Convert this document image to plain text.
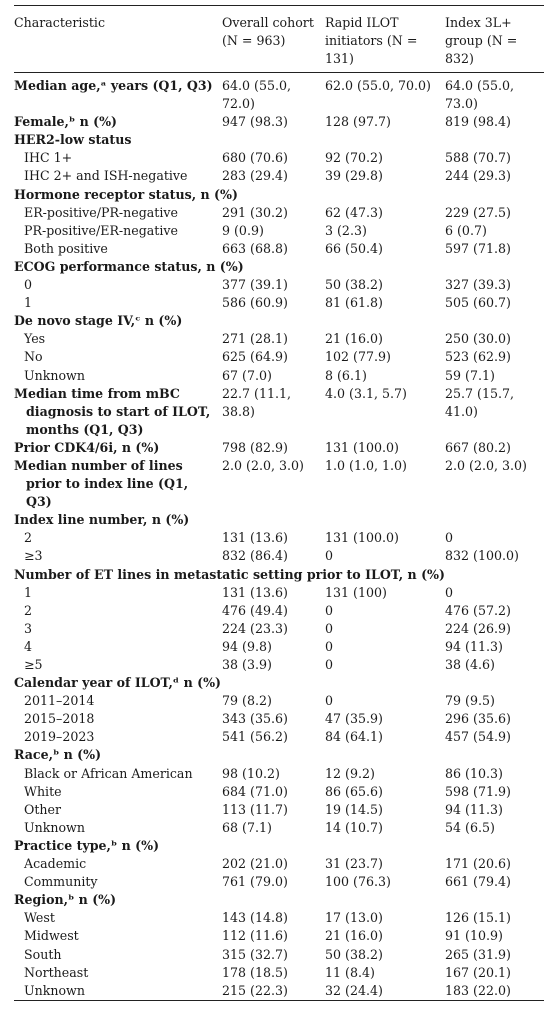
Characteristic	Overall cohort (N = 963)	Rapid ILOT initiators (N = 131)	Index 3L+ group (N = 832)
Median age,ᵃ years (Q1, Q3)	64.0 (55.0, 72.0)	62.0 (55.0, 70.0)	64.0 (55.0, 73.0)
Female,ᵇ n (%)	947 (98.3)	128 (97.7)	819 (98.4)
HER2-low status			
IHC 1+	680 (70.6)	92 (70.2)	588 (70.7)
IHC 2+ and ISH-negative	283 (29.4)	39 (29.8)	244 (29.3)
Hormone receptor status, n (%)			
ER-positive/PR-negative	291 (30.2)	62 (47.3)	229 (27.5)
PR-positive/ER-negative	9 (0.9)	3 (2.3)	6 (0.7)
Both positive	663 (68.8)	66 (50.4)	597 (71.8)
ECOG performance status, n (%)			
0	377 (39.1)	50 (38.2)	327 (39.3)
1	586 (60.9)	81 (61.8)	505 (60.7)
De novo stage IV,ᶜ n (%)			
Yes	271 (28.1)	21 (16.0)	250 (30.0)
No	625 (64.9)	102 (77.9)	523 (62.9)
Unknown	67 (7.0)	8 (6.1)	59 (7.1)
Median time from mBC	22.7 (11.1,	4.0 (3.1, 5.7)	25.7 (15.7,
diagnosis to start of ILOT,	38.8)		41.0)
months (Q1, Q3)			
Prior CDK4/6i, n (%)	798 (82.9)	131 (100.0)	667 (80.2)
Median number of lines	2.0 (2.0, 3.0)	1.0 (1.0, 1.0)	2.0 (2.0, 3.0)
prior to index line (Q1,			
Q3)			
Index line number, n (%)			
2	131 (13.6)	131 (100.0)	0
≥3	832 (86.4)	0	832 (100.0)
Number of ET lines in metastatic setting prior to ILOT, n (%)			
1	131 (13.6)	131 (100)	0
2	476 (49.4)	0	476 (57.2)
3	224 (23.3)	0	224 (26.9)
4	94 (9.8)	0	94 (11.3)
≥5	38 (3.9)	0	38 (4.6)
Calendar year of ILOT,ᵈ n (%)			
2011–2014	79 (8.2)	0	79 (9.5)
2015–2018	343 (35.6)	47 (35.9)	296 (35.6)
2019–2023	541 (56.2)	84 (64.1)	457 (54.9)
Race,ᵇ n (%)			
Black or African American	98 (10.2)	12 (9.2)	86 (10.3)
White	684 (71.0)	86 (65.6)	598 (71.9)
Other	113 (11.7)	19 (14.5)	94 (11.3)
Unknown	68 (7.1)	14 (10.7)	54 (6.5)
Practice type,ᵇ n (%)			
Academic	202 (21.0)	31 (23.7)	171 (20.6)
Community	761 (79.0)	100 (76.3)	661 (79.4)
Region,ᵇ n (%)			
West	143 (14.8)	17 (13.0)	126 (15.1)
Midwest	112 (11.6)	21 (16.0)	91 (10.9)
South	315 (32.7)	50 (38.2)	265 (31.9)
Northeast	178 (18.5)	11 (8.4)	167 (20.1)
Unknown	215 (22.3)	32 (24.4)	183 (22.0)
